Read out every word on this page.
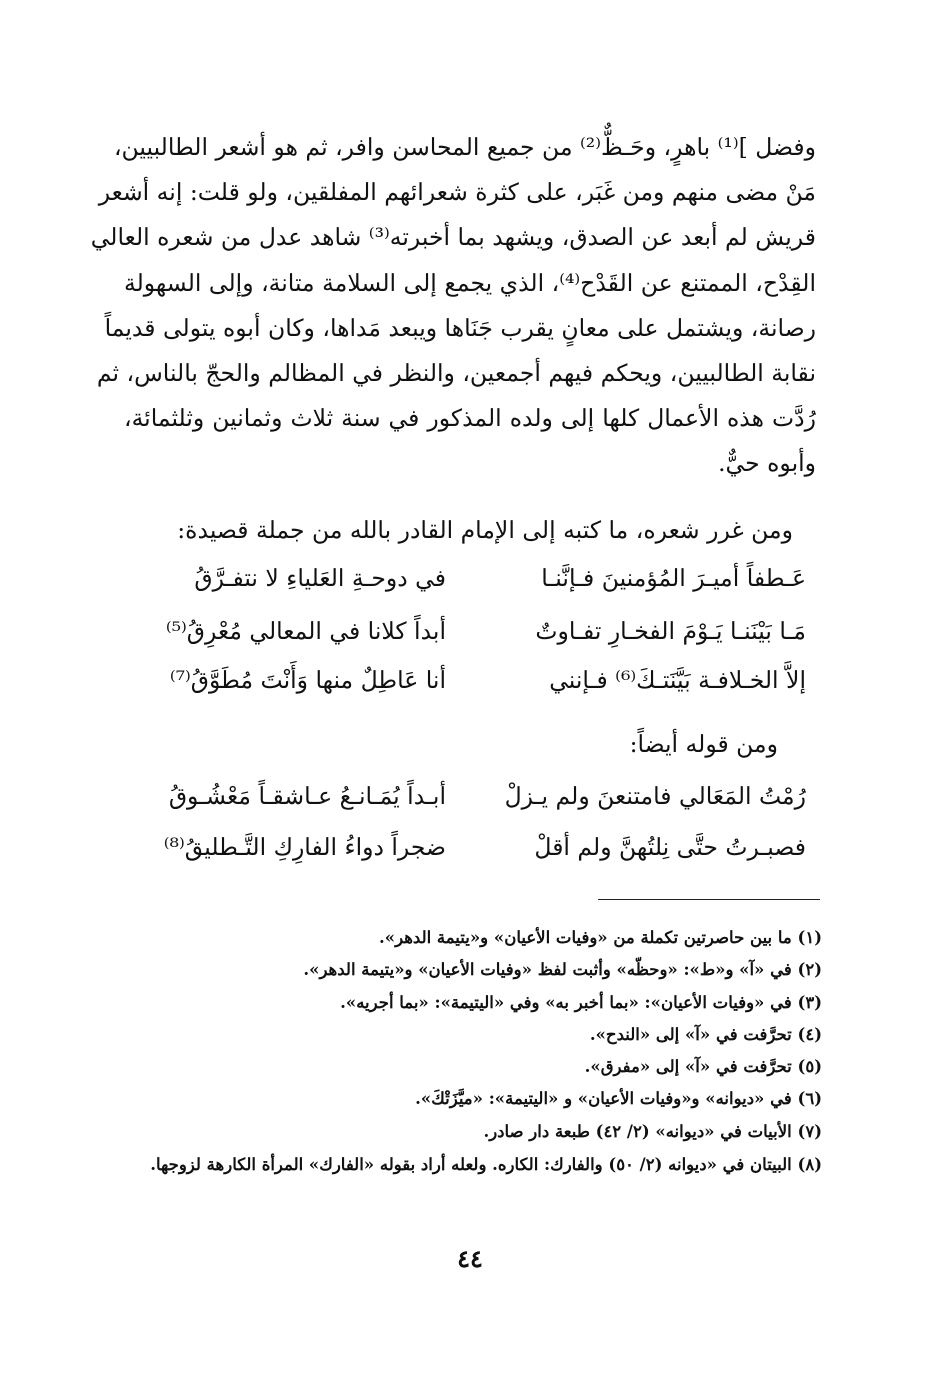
وفضل ]⁽¹⁾ باهرٍ، وحَـظٌّ⁽²⁾ من جميع المحاسن وافر، ثم هو أشعر الطالبيين،
مَنْ مضى منهم ومن غَبَر، على كثرة شعرائهم المفلقين، ولو قلت: إنه أشعر
قريش لم أبعد عن الصدق، ويشهد بما أخبرته⁽³⁾ شاهد عدل من شعره العالي
القِدْح، الممتنع عن القَدْح⁽⁴⁾، الذي يجمع إلى السلامة متانة، وإلى السهولة
رصانة، ويشتمل على معانٍ يقرب جَنَاها ويبعد مَداها، وكان أبوه يتولى قديماً
نقابة الطالبيين، ويحكم فيهم أجمعين، والنظر في المظالم والحجّ بالناس، ثم
رُدَّت هذه الأعمال كلها إلى ولده المذكور في سنة ثلاث وثمانين وثلثمائة،
وأبوه حيٌّ.
ومن غرر شعره، ما كتبه إلى الإمام القادر بالله من جملة قصيدة:
عَـطفاً أميـرَ المُؤمنينَ فـإنَّنـا
في دوحـةِ العَلياءِ لا نتفـرَّقُ
مَـا بَيْنَنـا يَـوْمَ الفخـارِ تفـاوتٌ
أبداً كلانا في المعالي مُعْرِقُ⁽⁵⁾
إلاَّ الخـلافـة بَيَّنَتـكَ⁽⁶⁾ فـإنني
أنا عَاطِلٌ منها وَأَنْتَ مُطَوَّقُ⁽⁷⁾
ومن قوله أيضاً:
رُمْتُ المَعَالي فامتنعنَ ولم يـزلْ
أبـداً يُمَـانـعُ عـاشقـاً مَعْشُـوقُ
فصبـرتُ حتَّى نِلتُهنَّ ولم أقلْ
ضجراً دواءُ الفارِكِ التَّـطليقُ⁽⁸⁾
(١) ما بين حاصرتين تكملة من «وفيات الأعيان» و«يتيمة الدهر».
(٢) في «آ» و«ط»: «وحظّه» وأثبت لفظ «وفيات الأعيان» و«يتيمة الدهر».
(٣) في «وفيات الأعيان»: «بما أخبر به» وفي «اليتيمة»: «بما أجريه».
(٤) تحرَّفت في «آ» إلى «الندح».
(٥) تحرَّفت في «آ» إلى «مفرق».
(٦) في «ديوانه» و«وفيات الأعيان» و «اليتيمة»: «ميَّزَتْكَ».
(٧) الأبيات في «ديوانه» (٢/ ٤٢) طبعة دار صادر.
(٨) البيتان في «ديوانه (٢/ ٥٠) والفارك: الكاره. ولعله أراد بقوله «الفارك» المرأة الكارهة لزوجها.
٤٤
